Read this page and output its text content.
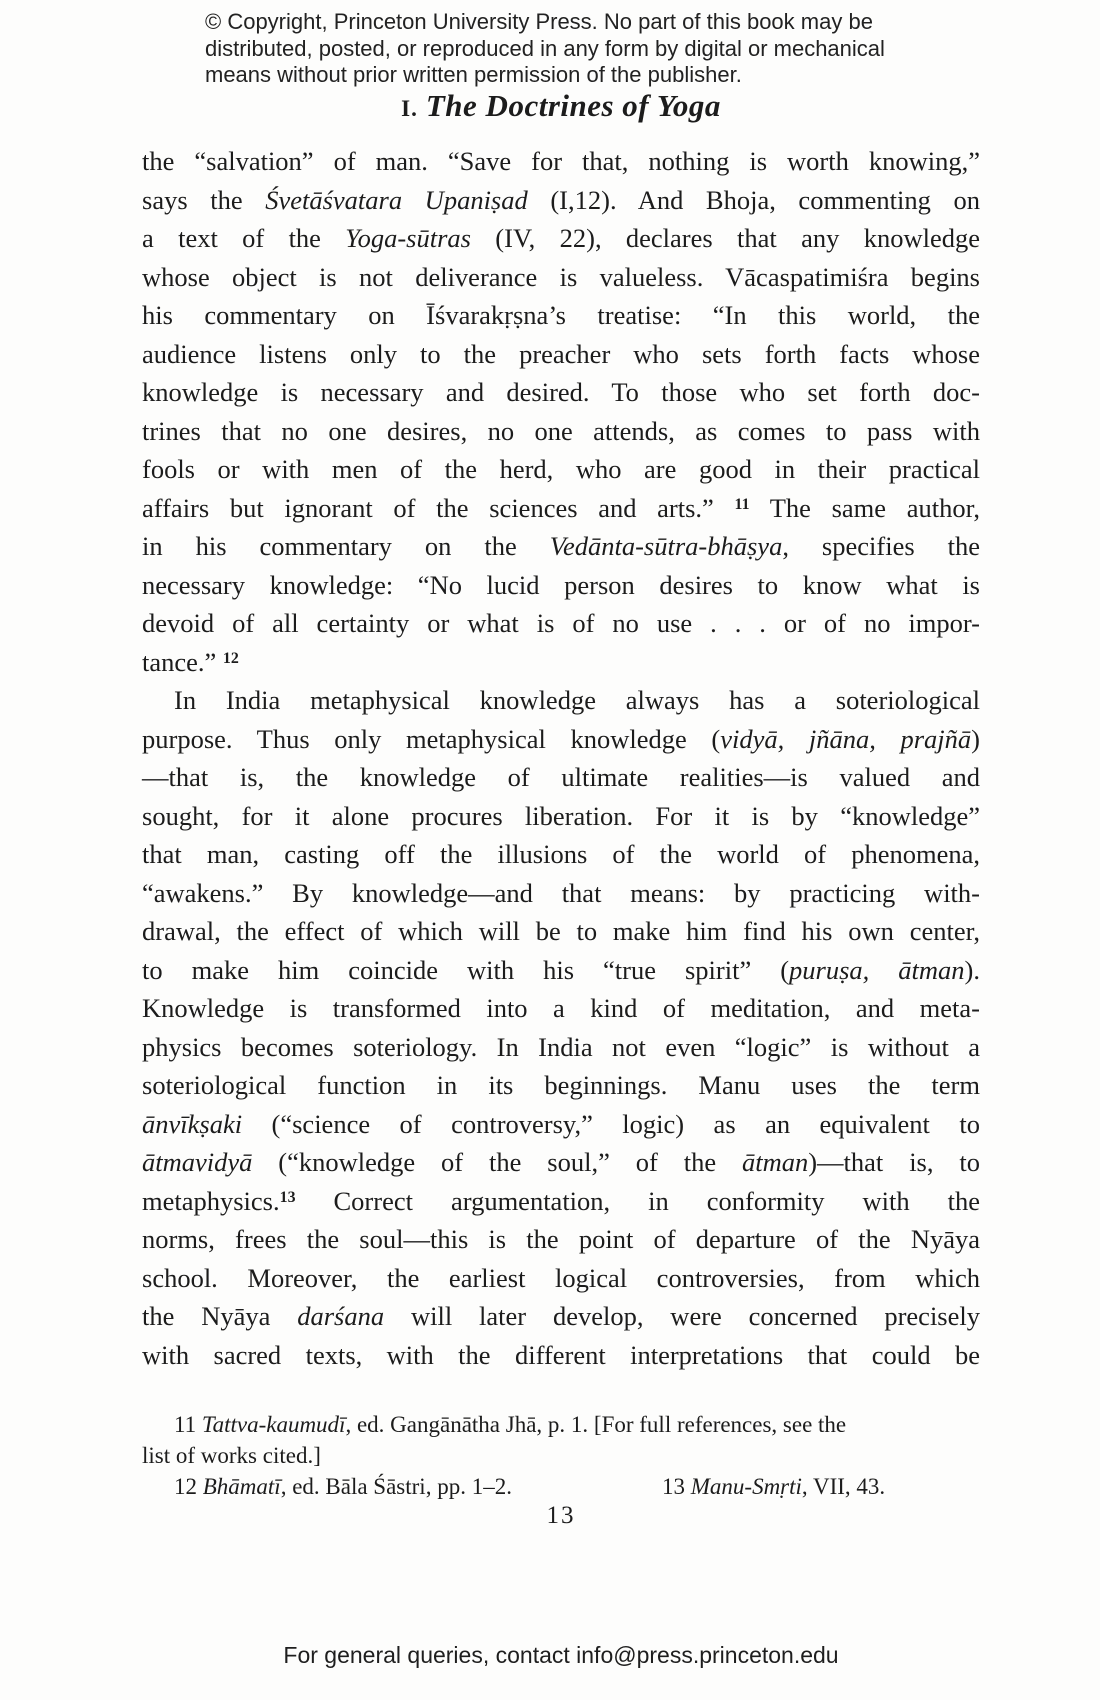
© Copyright, Princeton University Press. No part of this book may be
distributed, posted, or reproduced in any form by digital or mechanical
means without prior written permission of the publisher.
I. The Doctrines of Yoga
the “salvation” of man. “Save for that, nothing is worth knowing,”
says the Śvetāśvatara Upaniṣad (I,12). And Bhoja, commenting on
a text of the Yoga-sūtras (IV, 22), declares that any knowledge
whose object is not deliverance is valueless. Vācaspatimiśra begins
his commentary on Īśvarakṛṣna’s treatise: “In this world, the
audience listens only to the preacher who sets forth facts whose
knowledge is necessary and desired. To those who set forth doc-
trines that no one desires, no one attends, as comes to pass with
fools or with men of the herd, who are good in their practical
affairs but ignorant of the sciences and arts.” $^{11}$ The same author,
in his commentary on the Vedānta-sūtra-bhāṣya, specifies the
necessary knowledge: “No lucid person desires to know what is
devoid of all certainty or what is of no use . . . or of no impor-
tance.” $^{12}$
In India metaphysical knowledge always has a soteriological
purpose. Thus only metaphysical knowledge (vidyā, jñāna, prajñā)
—that is, the knowledge of ultimate realities—is valued and
sought, for it alone procures liberation. For it is by “knowledge”
that man, casting off the illusions of the world of phenomena,
“awakens.” By knowledge—and that means: by practicing with-
drawal, the effect of which will be to make him find his own center,
to make him coincide with his “true spirit” (puruṣa, ātman).
Knowledge is transformed into a kind of meditation, and meta-
physics becomes soteriology. In India not even “logic” is without a
soteriological function in its beginnings. Manu uses the term
ānvīkṣaki (“science of controversy,” logic) as an equivalent to
ātmavidyā (“knowledge of the soul,” of the ātman)—that is, to
metaphysics.$^{13}$ Correct argumentation, in conformity with the
norms, frees the soul—this is the point of departure of the Nyāya
school. Moreover, the earliest logical controversies, from which
the Nyāya darśana will later develop, were concerned precisely
with sacred texts, with the different interpretations that could be
11 Tattva-kaumudī, ed. Gangānātha Jhā, p. 1. [For full references, see the
list of works cited.]
12 Bhāmatī, ed. Bāla Śāstri, pp. 1–2.	13 Manu-Smṛti, VII, 43.
13
For general queries, contact info@press.princeton.edu
